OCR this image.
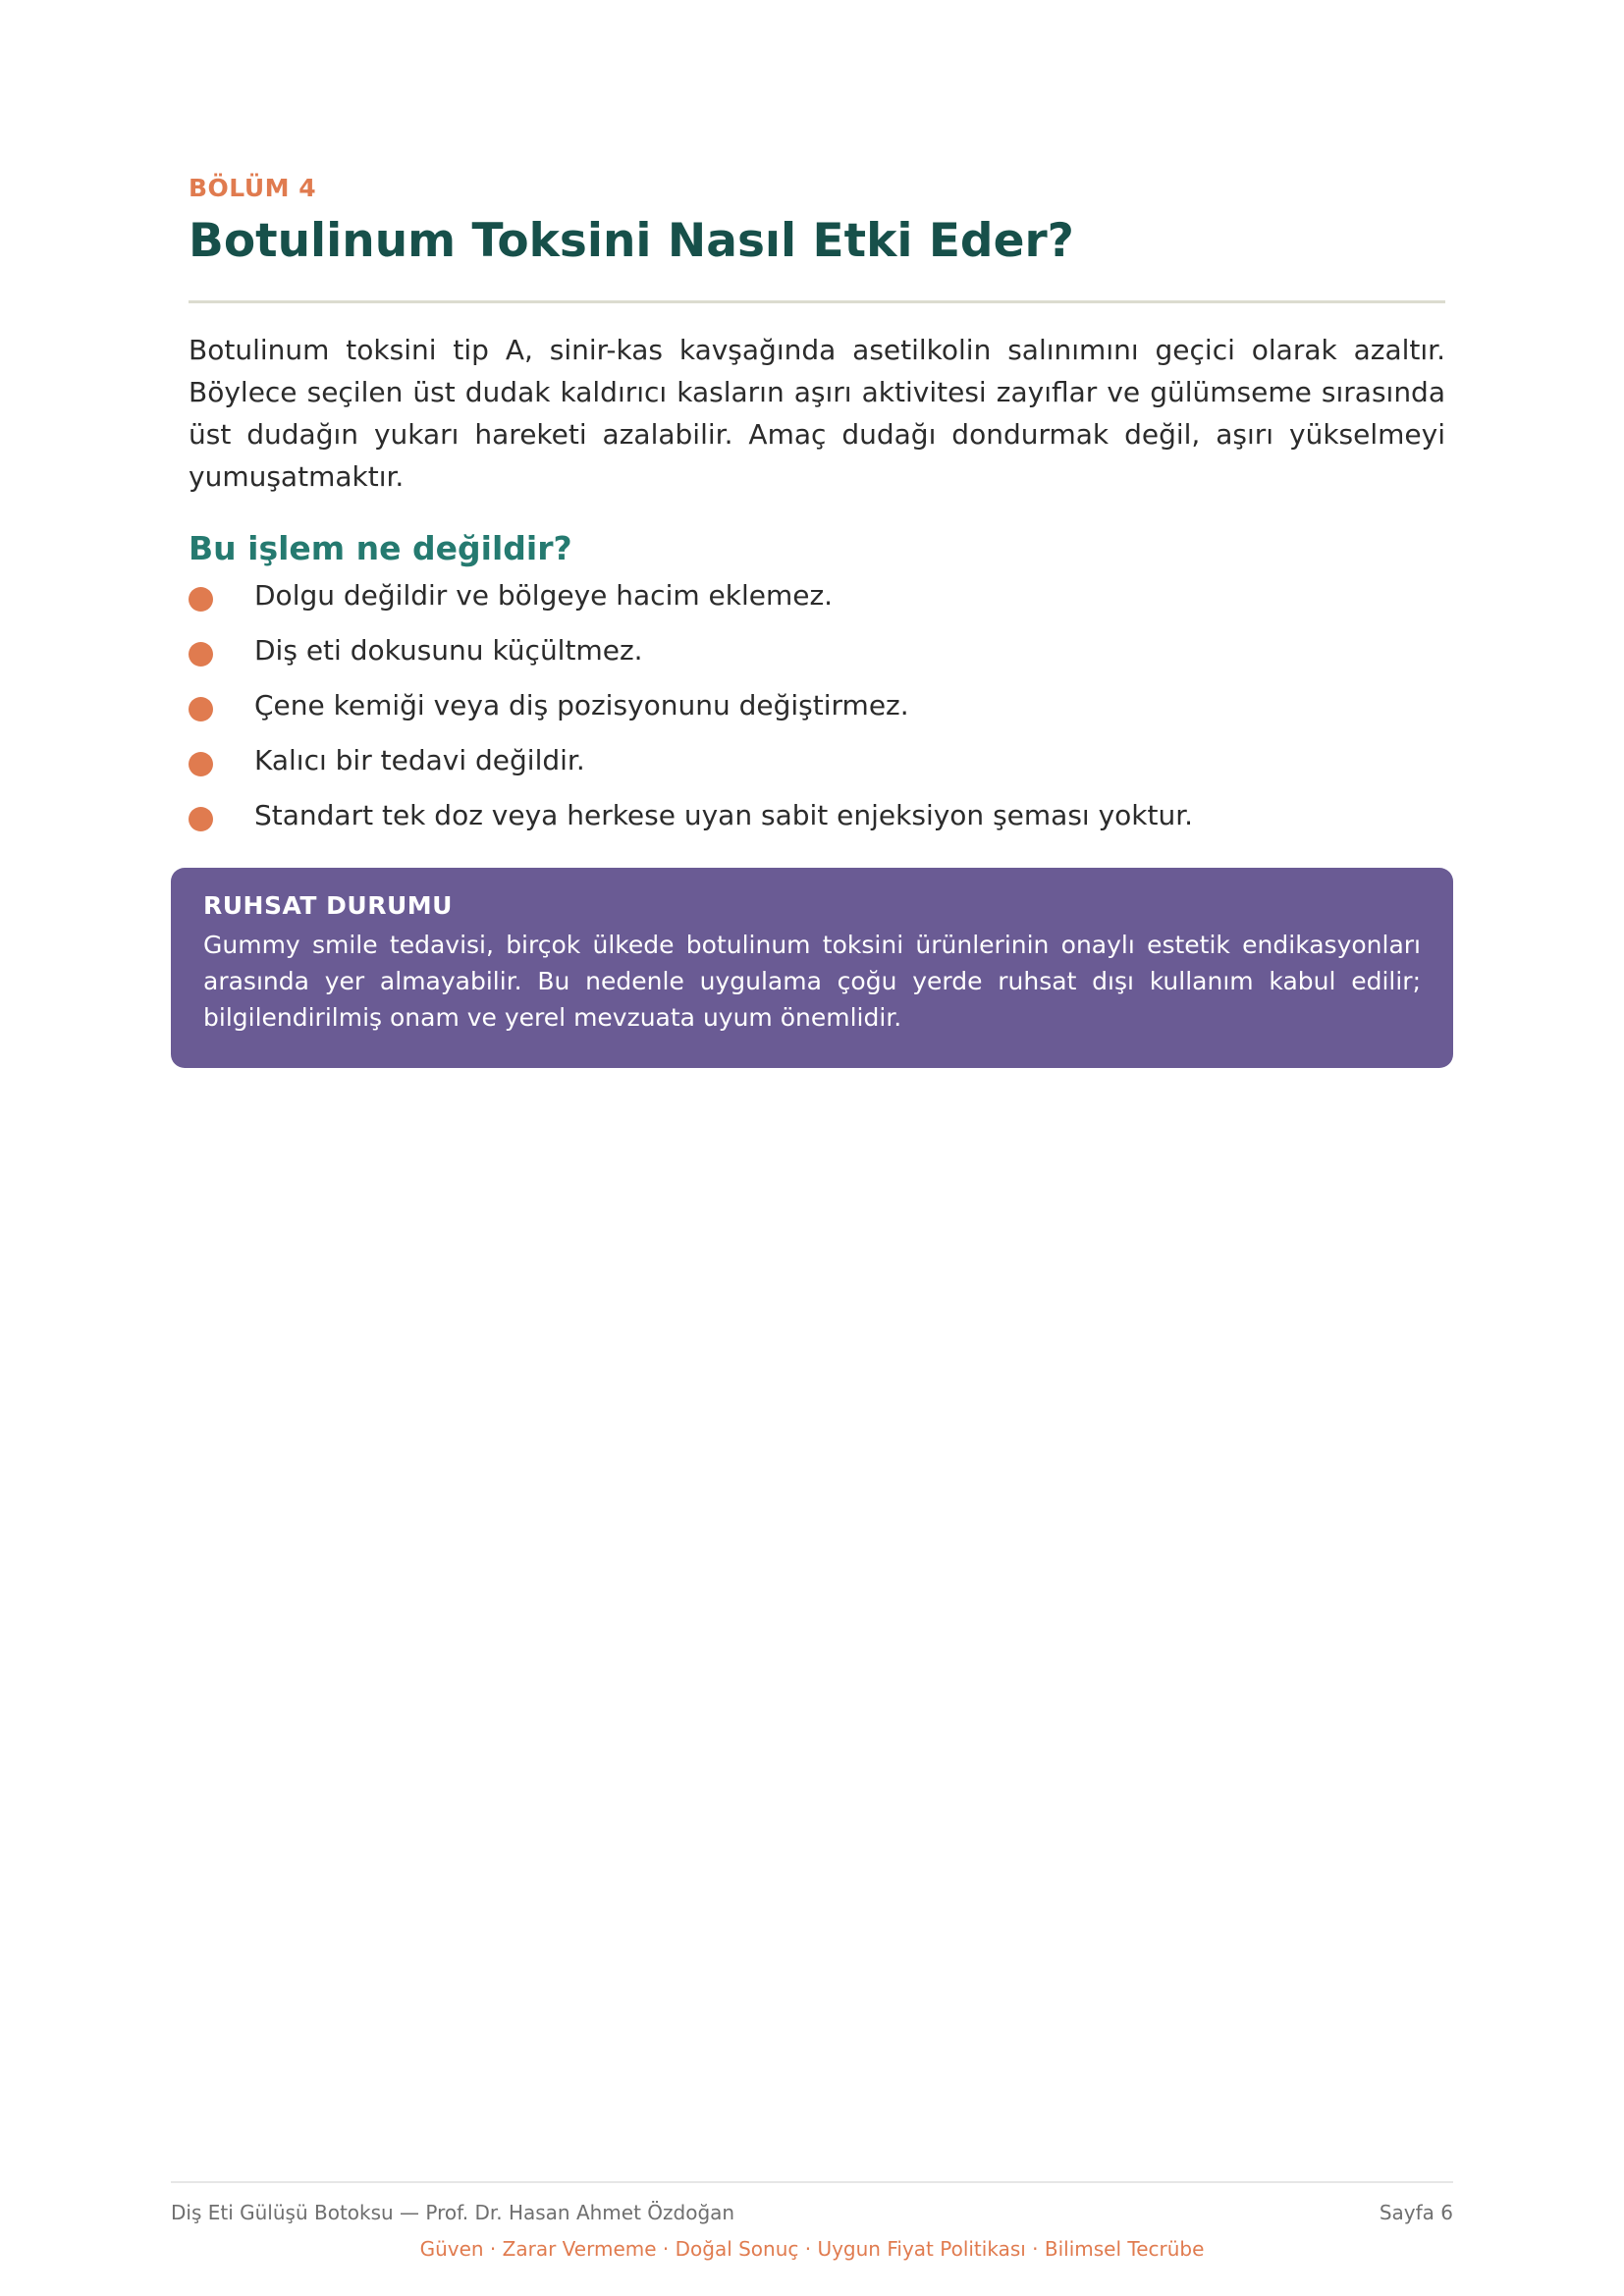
BÖLÜM 4
Botulinum Toksini Nasıl Etki Eder?

Botulinum toksini tip A, sinir-kas kavşağında asetilkolin salınımını geçici olarak azaltır. Böylece seçilen üst dudak kaldırıcı kasların aşırı aktivitesi zayıflar ve gülümseme sırasında üst dudağın yukarı hareketi azalabilir. Amaç dudağı dondurmak değil, aşırı yükselmeyi yumuşatmaktır.

Bu işlem ne değildir?
Dolgu değildir ve bölgeye hacim eklemez.
Diş eti dokusunu küçültmez.
Çene kemiği veya diş pozisyonunu değiştirmez.
Kalıcı bir tedavi değildir.
Standart tek doz veya herkese uyan sabit enjeksiyon şeması yoktur.
RUHSAT DURUMU
Gummy smile tedavisi, birçok ülkede botulinum toksini ürünlerinin onaylı estetik endikasyonları arasında yer almayabilir. Bu nedenle uygulama çoğu yerde ruhsat dışı kullanım kabul edilir; bilgilendirilmiş onam ve yerel mevzuata uyum önemlidir.
Diş Eti Gülüşü Botoksu — Prof. Dr. Hasan Ahmet Özdoğan	Sayfa 6
Güven · Zarar Vermeme · Doğal Sonuç · Uygun Fiyat Politikası · Bilimsel Tecrübe
